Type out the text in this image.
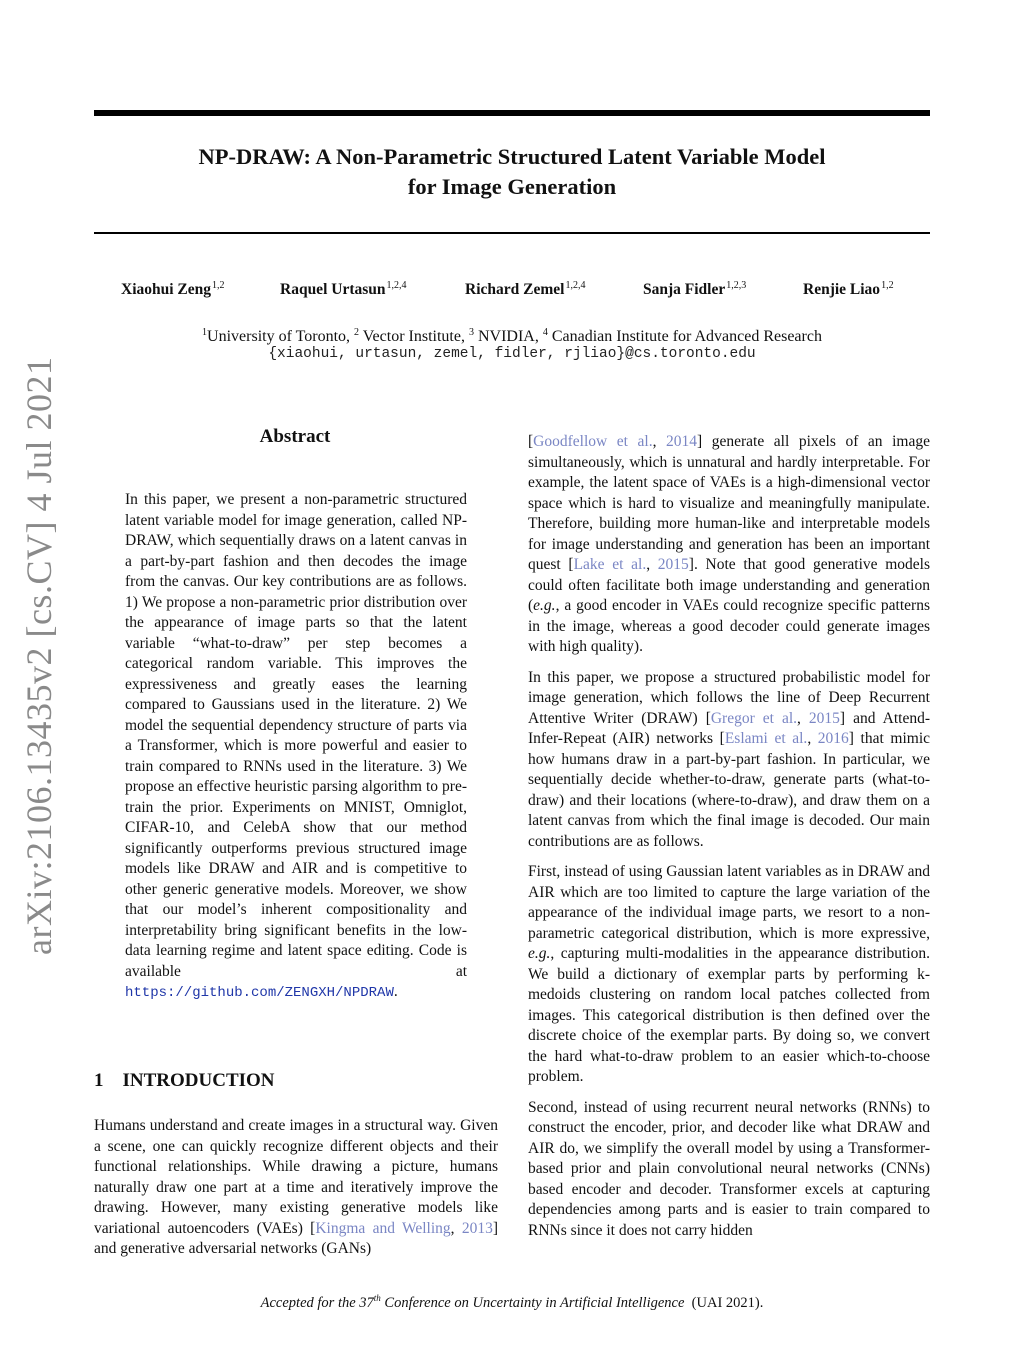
NP-DRAW: A Non-Parametric Structured Latent Variable Model
for Image Generation
Xiaohui Zeng$^{1,2}$	Raquel Urtasun$^{1,2,4}$	Richard Zemel$^{1,2,4}$	Sanja Fidler$^{1,2,3}$	Renjie Liao$^{1,2}$
$^1$University of Toronto, $^2$ Vector Institute, $^3$ NVIDIA, $^4$ Canadian Institute for Advanced Research
{xiaohui, urtasun, zemel, fidler, rjliao}@cs.toronto.edu
arXiv:2106.13435v2 [cs.CV] 4 Jul 2021	Abstract
In this paper, we present a non-parametric structured latent variable model for image generation, called NP-DRAW, which sequentially draws on a latent canvas in a part-by-part fashion and then decodes the image from the canvas. Our key contributions are as follows. 1) We propose a non-parametric prior distribution over the appearance of image parts so that the latent variable “what-to-draw” per step becomes a categorical random variable. This improves the expressiveness and greatly eases the learning compared to Gaussians used in the literature. 2) We model the sequential dependency structure of parts via a Transformer, which is more powerful and easier to train compared to RNNs used in the literature. 3) We propose an effective heuristic parsing algorithm to pre-train the prior. Experiments on MNIST, Omniglot, CIFAR-10, and CelebA show that our method significantly outperforms previous structured image models like DRAW and AIR and is competitive to other generic generative models. Moreover, we show that our model’s inherent compositionality and interpretability bring significant benefits in the low-data learning regime and latent space editing. Code is available at https://github.com/ZENGXH/NPDRAW.
1    INTRODUCTION
Humans understand and create images in a structural way. Given a scene, one can quickly recognize different objects and their functional relationships. While drawing a picture, humans naturally draw one part at a time and iteratively improve the drawing. However, many existing generative models like variational autoencoders (VAEs) [Kingma and Welling, 2013] and generative adversarial networks (GANs)

[Goodfellow et al., 2014] generate all pixels of an image simultaneously, which is unnatural and hardly interpretable. For example, the latent space of VAEs is a high-dimensional vector space which is hard to visualize and meaningfully manipulate. Therefore, building more human-like and interpretable models for image understanding and generation has been an important quest [Lake et al., 2015]. Note that good generative models could often facilitate both image understanding and generation (e.g., a good encoder in VAEs could recognize specific patterns in the image, whereas a good decoder could generate images with high quality).

In this paper, we propose a structured probabilistic model for image generation, which follows the line of Deep Recurrent Attentive Writer (DRAW) [Gregor et al., 2015] and Attend-Infer-Repeat (AIR) networks [Eslami et al., 2016] that mimic how humans draw in a part-by-part fashion. In particular, we sequentially decide whether-to-draw, generate parts (what-to-draw) and their locations (where-to-draw), and draw them on a latent canvas from which the final image is decoded. Our main contributions are as follows.

First, instead of using Gaussian latent variables as in DRAW and AIR which are too limited to capture the large variation of the appearance of the individual image parts, we resort to a non-parametric categorical distribution, which is more expressive, e.g., capturing multi-modalities in the appearance distribution. We build a dictionary of exemplar parts by performing k-medoids clustering on random local patches collected from images. This categorical distribution is then defined over the discrete choice of the exemplar parts. By doing so, we convert the hard what-to-draw problem to an easier which-to-choose problem.

Second, instead of using recurrent neural networks (RNNs) to construct the encoder, prior, and decoder like what DRAW and AIR do, we simplify the overall model by using a Transformer-based prior and plain convolutional neural networks (CNNs) based encoder and decoder. Transformer excels at capturing dependencies among parts and is easier to train compared to RNNs since it does not carry hidden

Accepted for the 37th Conference on Uncertainty in Artificial Intelligence  (UAI 2021).
